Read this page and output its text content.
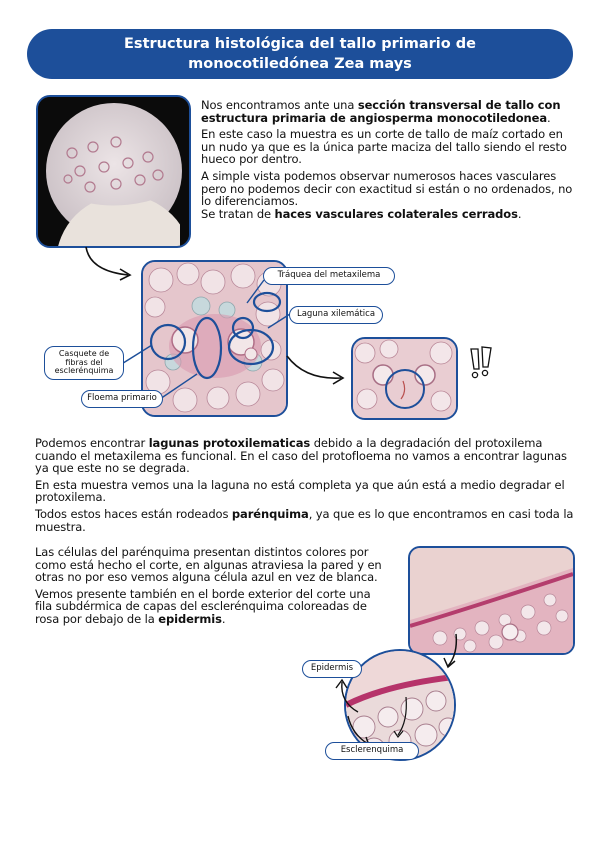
Estructura histológica del tallo primario de
monocotiledónea Zea mays
Nos encontramos ante una sección transversal de tallo con estructura primaria de angiosperma monocotiledonea.
En este caso la muestra es un corte de tallo de maíz cortado en un nudo ya que es la única parte maciza del tallo siendo el resto hueco por dentro.
A simple vista podemos observar numerosos haces vasculares pero no podemos decir con exactitud si están o no ordenados, no lo diferenciamos.
Se tratan de haces vasculares colaterales cerrados.
Tráquea del metaxilema
Laguna xilemática
Casquete de fibras del esclerénquima
Floema primario
Podemos encontrar lagunas protoxilematicas debido a la degradación del protoxilema cuando el metaxilema es funcional. En el caso del protofloema no vamos a encontrar lagunas ya que este no se degrada.
En esta muestra vemos una la laguna no está completa ya que aún está a medio degradar el protoxilema.
Todos estos haces están rodeados parénquima, ya que es lo que encontramos en casi toda la muestra.
Las células del parénquima presentan distintos colores por como está hecho el corte, en algunas atraviesa la pared y en otras no por eso vemos alguna célula azul en vez de blanca.
Vemos presente también en el borde exterior del corte una fila subdérmica de capas del esclerénquima coloreadas de rosa por debajo de la epidermis.
Epidermis
Esclerenquima
